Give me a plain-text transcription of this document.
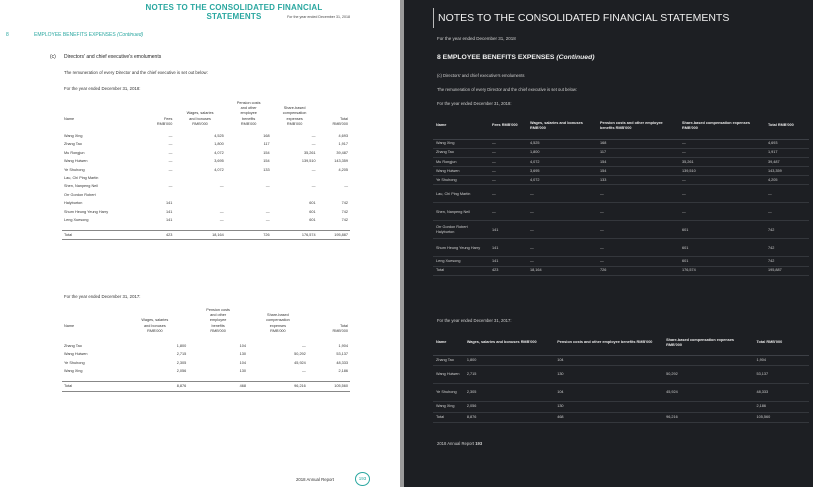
NOTES TO THE CONSOLIDATED FINANCIAL STATEMENTS	For the year ended December 31, 2018
8	EMPLOYEE BENEFITS EXPENSES (Continued)
(c) Directors' and chief executive's emoluments
The remuneration of every Director and the chief executive is set out below:
For the year ended December 31, 2018:
			Pension costs		
			and other	Share-based	
		Wages, salaries	employee	compensation	
Name	Fees	and bonuses	benefits	expenses	Total
	RMB'000	RMB'000	RMB'000	RMB'000	RMB'000

Wang Xing	—	4,525	168	—	4,693
Zhang Tao	—	1,800	117	—	1,917
Mu Rongjun	—	4,072	154	35,261	39,487
Wang Huiwen	—	3,695	154	139,510	143,359
Ye Shuhong	—	4,072	133	—	4,205
Lau, Chi Ping Martin					
Shen, Nanpeng Neil	—	—	—	—	—
Orr Gordon Robert					
Halyburton	141			601	742
Shum Heung Yeung Harry	141	—	—	601	742
Leng Xuesong	141	—	—	601	742

Total	423	18,164	726	176,574	195,887
For the year ended December 31, 2017:
		Pension costs		
		and other	Share-based	
	Wages, salaries	employee	compensation	
Name	and bonuses	benefits	expenses	Total
	RMB'000	RMB'000	RMB'000	RMB'000

Zhang Tao	1,800	104	—	1,904
Wang Huiwen	2,715	130	50,292	53,137
Ye Shuhong	2,305	104	45,924	48,333
Wang Xing	2,056	130	—	2,186

Total	8,876	468	96,216	105,560
2018 Annual Report	193
NOTES TO THE CONSOLIDATED FINANCIAL STATEMENTS
For the year ended December 31, 2018
8 EMPLOYEE BENEFITS EXPENSES (Continued)
(c) Directors' and chief executive's emoluments
The remuneration of every Director and the chief executive is set out below:
For the year ended December 31, 2018:
Name	Fees RMB'000	Wages, salaries and bonuses RMB'000	Pension costs and other employee benefits RMB'000	Share-based compensation expenses RMB'000	Total RMB'000
Wang Xing	—	4,525	168	—	4,693
Zhang Tao	—	1,800	117	—	1,917
Mu Rongjun	—	4,072	154	35,261	39,487
Wang Huiwen	—	3,695	154	139,510	143,359
Ye Shuhong	—	4,072	133	—	4,205
Lau, Chi Ping Martin	—	—	—	—	—
Shen, Nanpeng Neil	—	—	—	—	—
Orr Gordon Robert Halyburton	141	—	—	601	742
Shum Heung Yeung Harry	141	—	—	601	742
Leng Xuesong	141	—	—	601	742
Total	423	18,164	726	176,574	195,887
For the year ended December 31, 2017:
Name	Wages, salaries and bonuses RMB'000	Pension costs and other employee benefits RMB'000	Share-based compensation expenses RMB'000	Total RMB'000
Zhang Tao	1,800	104		1,904
Wang Huiwen	2,715	130	50,292	53,137
Ye Shuhong	2,305	104	45,924	48,333
Wang Xing	2,056	130		2,186
Total	8,876	468	96,216	105,560
2018 Annual Report 193
